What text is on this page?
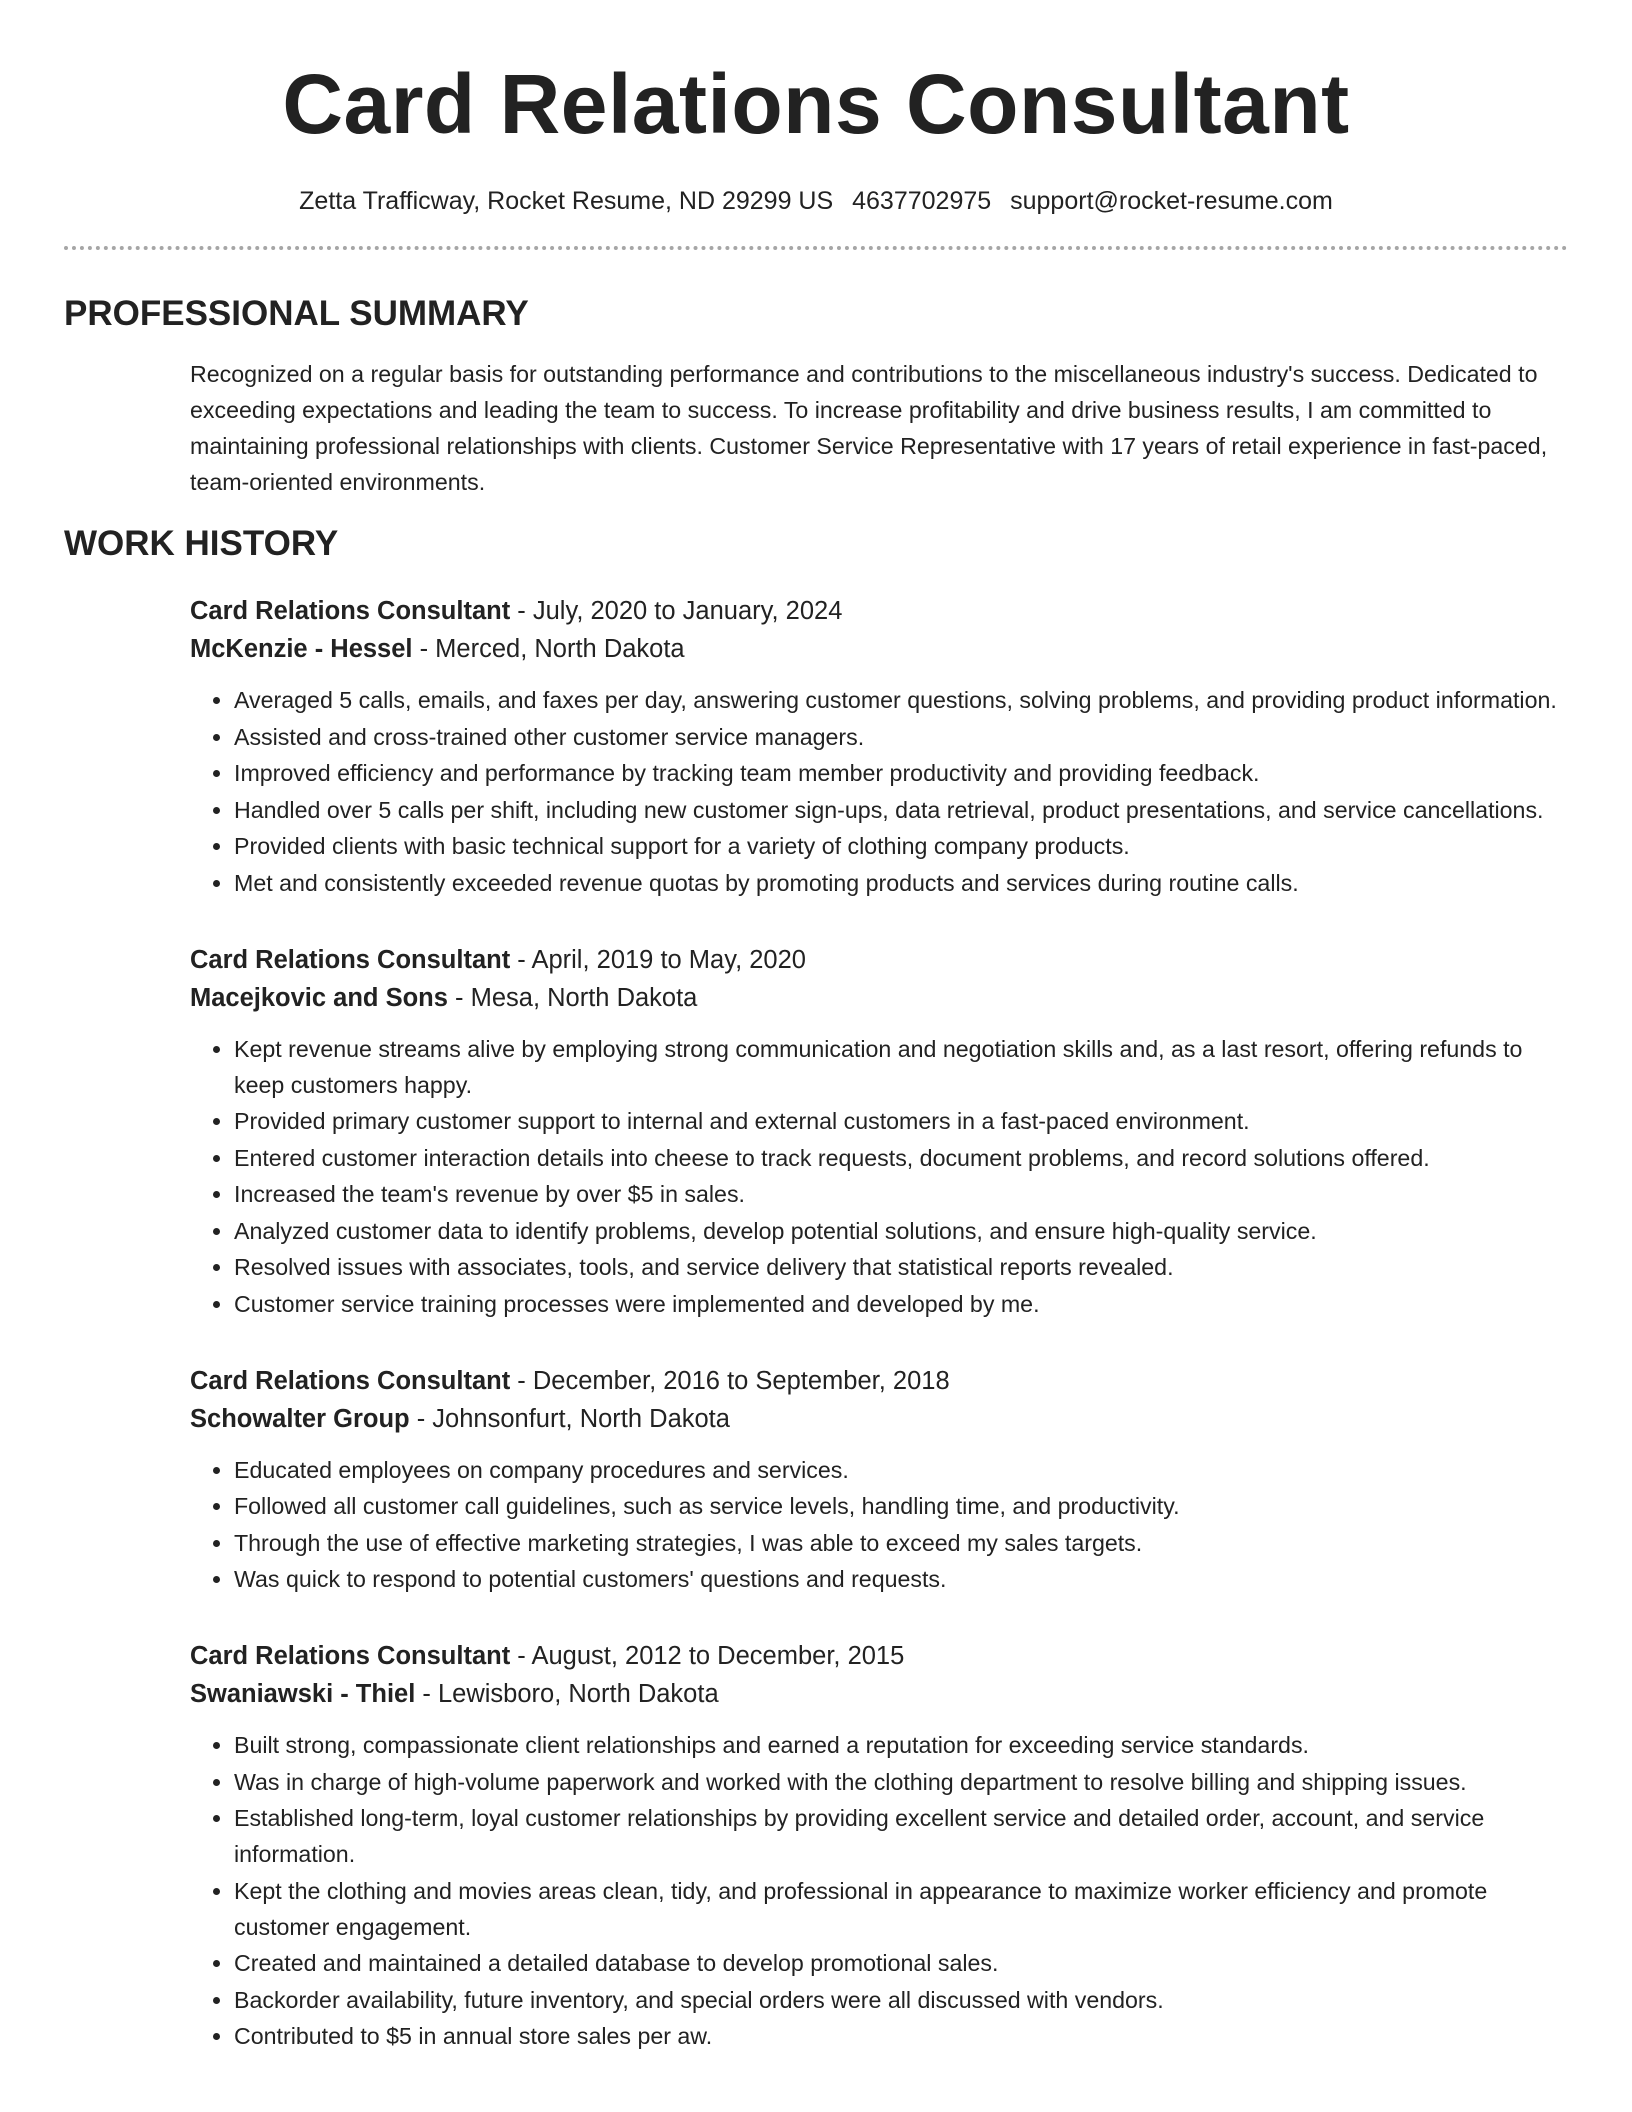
Card Relations Consultant
Zetta Trafficway, Rocket Resume, ND 29299 US 4637702975 support@rocket-resume.com
PROFESSIONAL SUMMARY

Recognized on a regular basis for outstanding performance and contributions to the miscellaneous industry's success. Dedicated to exceeding expectations and leading the team to success. To increase profitability and drive business results, I am committed to maintaining professional relationships with clients. Customer Service Representative with 17 years of retail experience in fast-paced, team-oriented environments.

WORK HISTORY
Card Relations Consultant - July, 2020 to January, 2024
McKenzie - Hessel - Merced, North Dakota
• Averaged 5 calls, emails, and faxes per day, answering customer questions, solving problems, and providing product information.
• Assisted and cross-trained other customer service managers.
• Improved efficiency and performance by tracking team member productivity and providing feedback.
• Handled over 5 calls per shift, including new customer sign-ups, data retrieval, product presentations, and service cancellations.
• Provided clients with basic technical support for a variety of clothing company products.
• Met and consistently exceeded revenue quotas by promoting products and services during routine calls.
Card Relations Consultant - April, 2019 to May, 2020
Macejkovic and Sons - Mesa, North Dakota
• Kept revenue streams alive by employing strong communication and negotiation skills and, as a last resort, offering refunds to keep customers happy.
• Provided primary customer support to internal and external customers in a fast-paced environment.
• Entered customer interaction details into cheese to track requests, document problems, and record solutions offered.
• Increased the team's revenue by over $5 in sales.
• Analyzed customer data to identify problems, develop potential solutions, and ensure high-quality service.
• Resolved issues with associates, tools, and service delivery that statistical reports revealed.
• Customer service training processes were implemented and developed by me.
Card Relations Consultant - December, 2016 to September, 2018
Schowalter Group - Johnsonfurt, North Dakota
• Educated employees on company procedures and services.
• Followed all customer call guidelines, such as service levels, handling time, and productivity.
• Through the use of effective marketing strategies, I was able to exceed my sales targets.
• Was quick to respond to potential customers' questions and requests.
Card Relations Consultant - August, 2012 to December, 2015
Swaniawski - Thiel - Lewisboro, North Dakota
• Built strong, compassionate client relationships and earned a reputation for exceeding service standards.
• Was in charge of high-volume paperwork and worked with the clothing department to resolve billing and shipping issues.
• Established long-term, loyal customer relationships by providing excellent service and detailed order, account, and service information.
• Kept the clothing and movies areas clean, tidy, and professional in appearance to maximize worker efficiency and promote customer engagement.
• Created and maintained a detailed database to develop promotional sales.
• Backorder availability, future inventory, and special orders were all discussed with vendors.
• Contributed to $5 in annual store sales per aw.
